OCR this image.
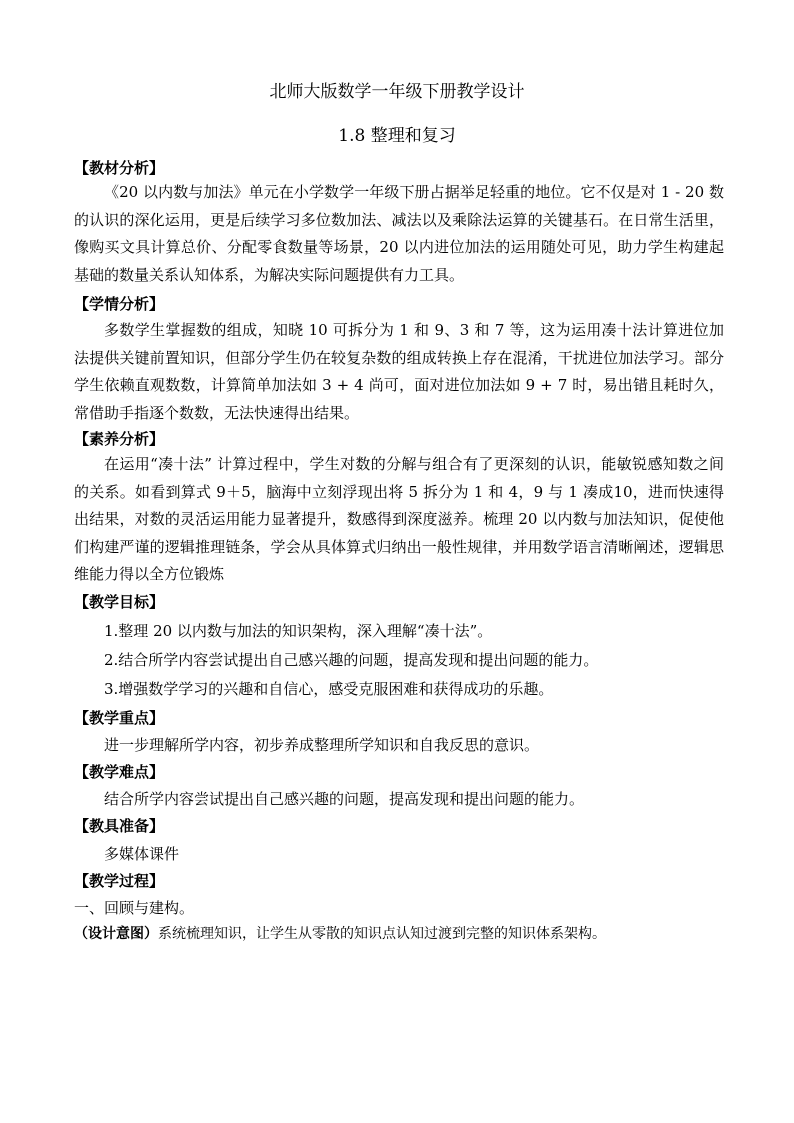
北师大版数学一年级下册教学设计
1.8 整理和复习
【教材分析】

《20 以内数与加法》单元在小学数学一年级下册占据举足轻重的地位。它不仅是对 1 - 20 数的认识的深化运用，更是后续学习多位数加法、减法以及乘除法运算的关键基石。在日常生活里，像购买文具计算总价、分配零食数量等场景，20 以内进位加法的运用随处可见，助力学生构建起基础的数量关系认知体系，为解决实际问题提供有力工具。

【学情分析】

多数学生掌握数的组成，知晓 10 可拆分为 1 和 9、3 和 7 等，这为运用凑十法计算进位加法提供关键前置知识，但部分学生仍在较复杂数的组成转换上存在混淆，干扰进位加法学习。部分学生依赖直观数数，计算简单加法如 3 + 4 尚可，面对进位加法如 9 + 7 时，易出错且耗时久，常借助手指逐个数数，无法快速得出结果。

【素养分析】

在运用“凑十法” 计算过程中，学生对数的分解与组合有了更深刻的认识，能敏锐感知数之间的关系。如看到算式 9＋5，脑海中立刻浮现出将 5 拆分为 1 和 4，9 与 1 凑成10，进而快速得出结果，对数的灵活运用能力显著提升，数感得到深度滋养。梳理 20 以内数与加法知识，促使他们构建严谨的逻辑推理链条，学会从具体算式归纳出一般性规律，并用数学语言清晰阐述，逻辑思维能力得以全方位锻炼

【教学目标】
1.整理 20 以内数与加法的知识架构，深入理解“凑十法”。
2.结合所学内容尝试提出自己感兴趣的问题，提高发现和提出问题的能力。
3.增强数学学习的兴趣和自信心，感受克服困难和获得成功的乐趣。
【教学重点】
进一步理解所学内容，初步养成整理所学知识和自我反思的意识。
【教学难点】
结合所学内容尝试提出自己感兴趣的问题，提高发现和提出问题的能力。
【教具准备】
多媒体课件
【教学过程】
一、回顾与建构。
（设计意图）系统梳理知识，让学生从零散的知识点认知过渡到完整的知识体系架构。
